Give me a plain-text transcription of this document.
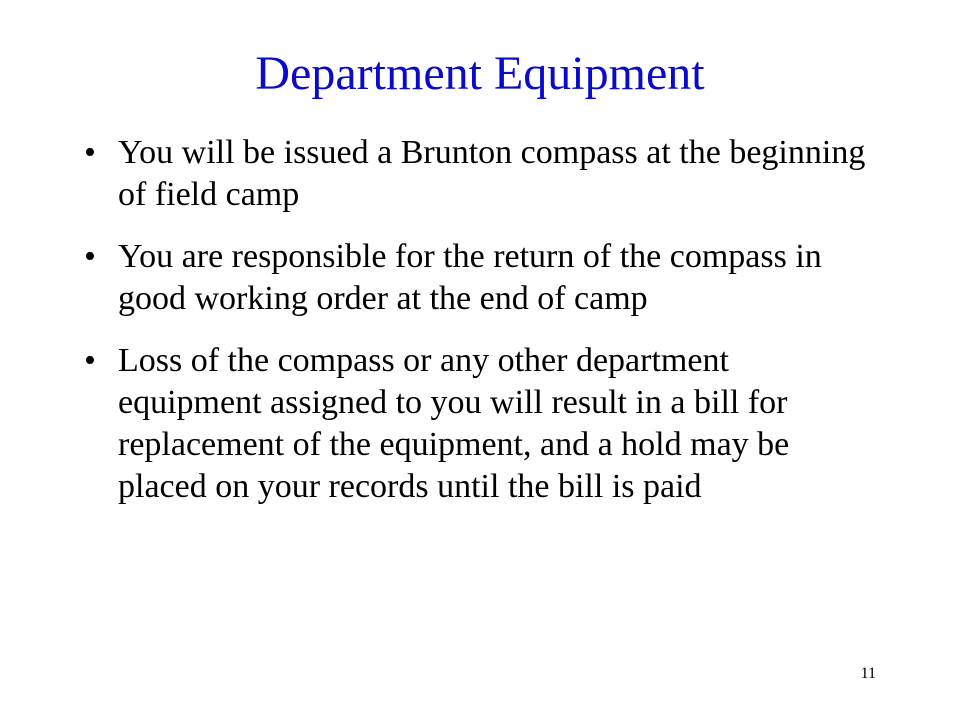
Department Equipment
• You will be issued a Brunton compass at the beginning of field camp
• You are responsible for the return of the compass in good working order at the end of camp
• Loss of the compass or any other department equipment assigned to you will result in a bill for replacement of the equipment, and a hold may be placed on your records until the bill is paid
11
